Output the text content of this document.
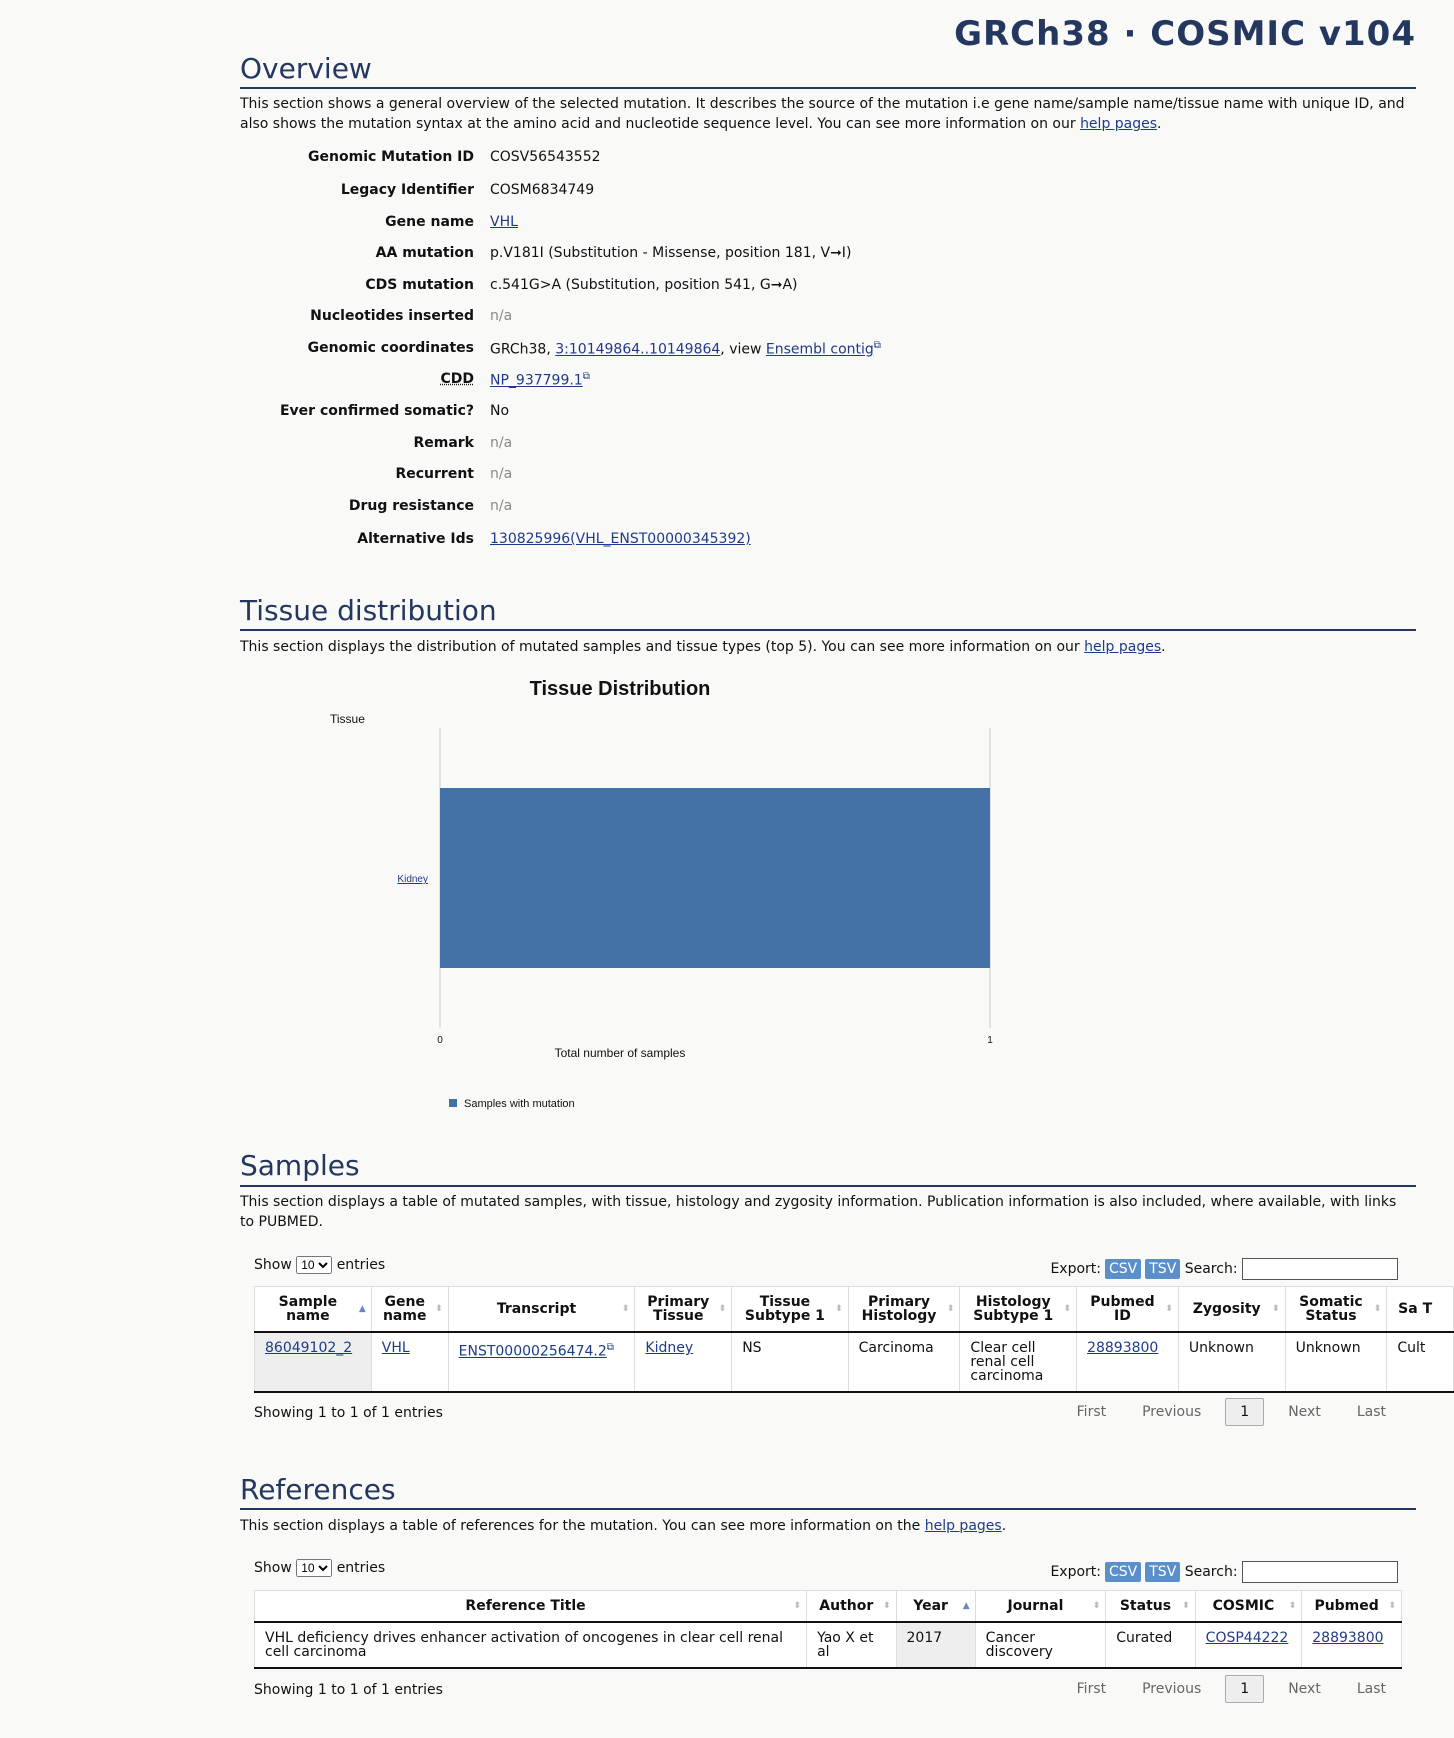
GRCh38 · COSMIC v104
Overview
This section shows a general overview of the selected mutation. It describes the source of the mutation i.e gene name/sample name/tissue name with unique ID, and
also shows the mutation syntax at the amino acid and nucleotide sequence level. You can see more information on our help pages.
Genomic Mutation ID COSV56543552
Legacy Identifier COSM6834749
Gene name VHL
AA mutation p.V181I (Substitution - Missense, position 181, V➞I)
CDS mutation c.541G>A (Substitution, position 541, G➞A)
Nucleotides inserted n/a
Genomic coordinates GRCh38, 3:10149864..10149864, view Ensembl contig⧉
CDD NP_937799.1⧉
Ever confirmed somatic? No
Remark n/a
Recurrent n/a
Drug resistance n/a
Alternative Ids 130825996(VHL_ENST00000345392)
Tissue distribution
This section displays the distribution of mutated samples and tissue types (top 5). You can see more information on our help pages.
Tissue Distribution
Tissue
0	1
Kidney
Total number of samples
Samples with mutation
Samples
This section displays a table of mutated samples, with tissue, histology and zygosity information. Publication information is also included, where available, with links
to PUBMED.
Show
10	entries	Export: CSV TSV Search:
Sample name ▲	Gene name ⬍	Transcript ⬍	Primary Tissue ⬍	Tissue Subtype 1 ⬍	Primary Histology ⬍	Histology Subtype 1 ⬍	Pubmed ID ⬍	Zygosity ⬍	Somatic Status ⬍	Sa T
86049102_2	VHL	ENST00000256474.2⧉	Kidney	NS	Carcinoma	Clear cell renal cell carcinoma	28893800	Unknown	Unknown	Cult
Showing 1 to 1 of 1 entries	First	Previous	1	Next	Last
References
This section displays a table of references for the mutation. You can see more information on the help pages.
Show
10	entries	Export: CSV TSV Search:
Reference Title ⬍	Author ⬍	Year ▲	Journal ⬍	Status ⬍	COSMIC ⬍	Pubmed ⬍

VHL deficiency drives enhancer activation of oncogenes in clear cell renal cell carcinoma	Yao X et al	2017	Cancer discovery	Curated	COSP44222	28893800
Showing 1 to 1 of 1 entries	First	Previous	1	Next	Last
